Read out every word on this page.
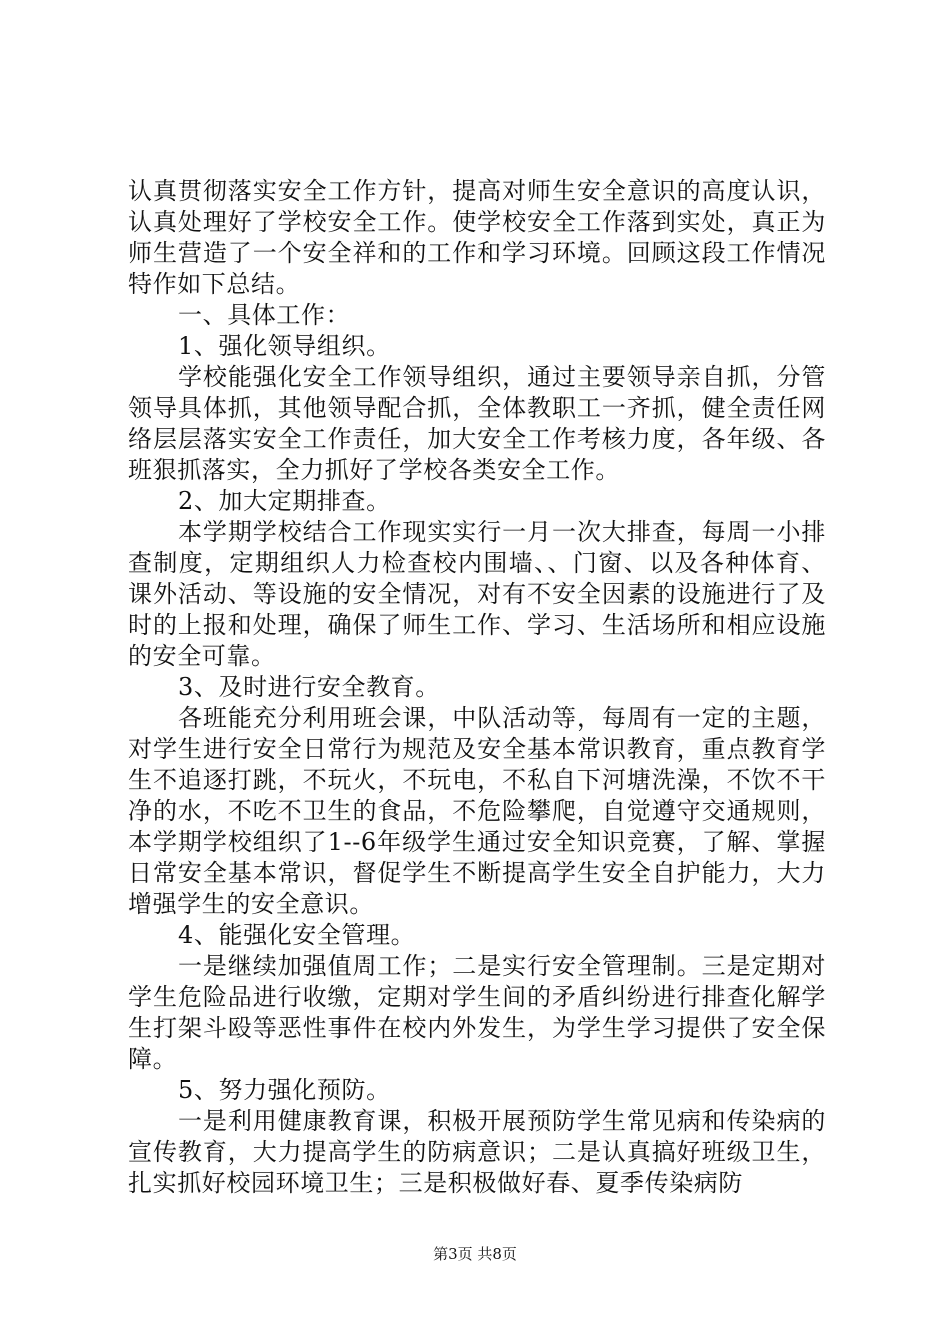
认真贯彻落实安全工作方针，提高对师生安全意识的高度认识，认真处理好了学校安全工作。使学校安全工作落到实处，真正为师生营造了一个安全祥和的工作和学习环境。回顾这段工作情况特作如下总结。

一、具体工作：

1、强化领导组织。

学校能强化安全工作领导组织，通过主要领导亲自抓，分管领导具体抓，其他领导配合抓，全体教职工一齐抓，健全责任网络层层落实安全工作责任，加大安全工作考核力度，各年级、各班狠抓落实，全力抓好了学校各类安全工作。

2、加大定期排查。

本学期学校结合工作现实实行一月一次大排查，每周一小排查制度，定期组织人力检查校内围墙、、门窗、以及各种体育、课外活动、等设施的安全情况，对有不安全因素的设施进行了及时的上报和处理，确保了师生工作、学习、生活场所和相应设施的安全可靠。

3、及时进行安全教育。

各班能充分利用班会课，中队活动等，每周有一定的主题，对学生进行安全日常行为规范及安全基本常识教育，重点教育学生不追逐打跳，不玩火，不玩电，不私自下河塘洗澡，不饮不干净的水，不吃不卫生的食品，不危险攀爬，自觉遵守交通规则，本学期学校组织了1--6年级学生通过安全知识竞赛，了解、掌握日常安全基本常识，督促学生不断提高学生安全自护能力，大力增强学生的安全意识。

4、能强化安全管理。

一是继续加强值周工作；二是实行安全管理制。三是定期对学生危险品进行收缴，定期对学生间的矛盾纠纷进行排查化解学生打架斗殴等恶性事件在校内外发生，为学生学习提供了安全保障。

5、努力强化预防。

一是利用健康教育课，积极开展预防学生常见病和传染病的宣传教育，大力提高学生的防病意识；二是认真搞好班级卫生，扎实抓好校园环境卫生；三是积极做好春、夏季传染病防

第3页 共8页
